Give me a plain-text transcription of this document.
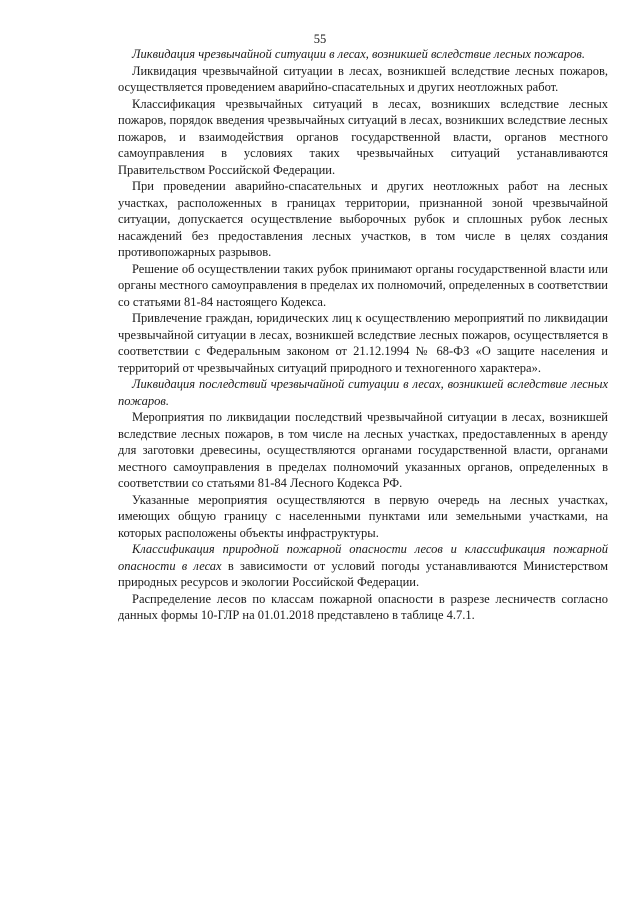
55

Ликвидация чрезвычайной ситуации в лесах, возникшей вследствие лесных пожаров.

Ликвидация чрезвычайной ситуации в лесах, возникшей вследствие лесных пожаров, осуществляется проведением аварийно-спасательных и других неотложных работ.

Классификация чрезвычайных ситуаций в лесах, возникших вследствие лесных пожаров, порядок введения чрезвычайных ситуаций в лесах, возникших вследствие лесных пожаров, и взаимодействия органов государственной власти, органов местного самоуправления в условиях таких чрезвычайных ситуаций устанавливаются Правительством Российской Федерации.

При проведении аварийно-спасательных и других неотложных работ на лесных участках, расположенных в границах территории, признанной зоной чрезвычайной ситуации, допускается осуществление выборочных рубок и сплошных рубок лесных насаждений без предоставления лесных участков, в том числе в целях создания противопожарных разрывов.

Решение об осуществлении таких рубок принимают органы государственной власти или органы местного самоуправления в пределах их полномочий, определенных в соответствии со статьями 81-84 настоящего Кодекса.

Привлечение граждан, юридических лиц к осуществлению мероприятий по ликвидации чрезвычайной ситуации в лесах, возникшей вследствие лесных пожаров, осуществляется в соответствии с Федеральным законом от 21.12.1994 № 68-ФЗ «О защите населения и территорий от чрезвычайных ситуаций природного и техногенного характера».

Ликвидация последствий чрезвычайной ситуации в лесах, возникшей вследствие лесных пожаров.

Мероприятия по ликвидации последствий чрезвычайной ситуации в лесах, возникшей вследствие лесных пожаров, в том числе на лесных участках, предоставленных в аренду для заготовки древесины, осуществляются органами государственной власти, органами местного самоуправления в пределах полномочий указанных органов, определенных в соответствии со статьями 81-84 Лесного Кодекса РФ.

Указанные мероприятия осуществляются в первую очередь на лесных участках, имеющих общую границу с населенными пунктами или земельными участками, на которых расположены объекты инфраструктуры.

Классификация природной пожарной опасности лесов и классификация пожарной опасности в лесах в зависимости от условий погоды устанавливаются Министерством природных ресурсов и экологии Российской Федерации.

Распределение лесов по классам пожарной опасности в разрезе лесничеств согласно данных формы 10-ГЛР на 01.01.2018 представлено в таблице 4.7.1.
